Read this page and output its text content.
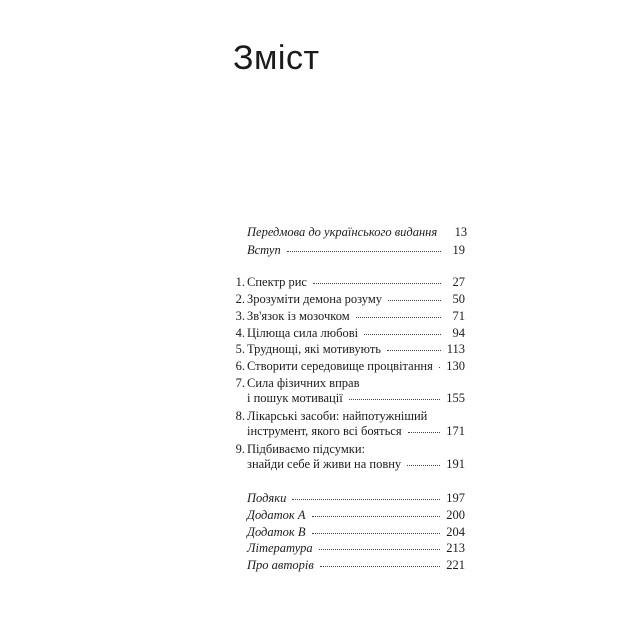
Зміст
Передмова до українського видання	13
Вступ	19
1. Спектр рис	27
2. Зрозуміти демона розуму	50
3. Зв'язок із мозочком	71
4. Цілюща сила любові	94
5. Труднощі, які мотивують	113
6. Створити середовище процвітання 130
7. Сила фізичних вправ
і пошук мотивації	155
8. Лікарські засоби: найпотужніший
інструмент, якого всі бояться	171
9. Підбиваємо підсумки:
знайди себе й живи на повну	191
Подяки	197
Додаток А	200
Додаток В	204
Література	213
Про авторів	221
